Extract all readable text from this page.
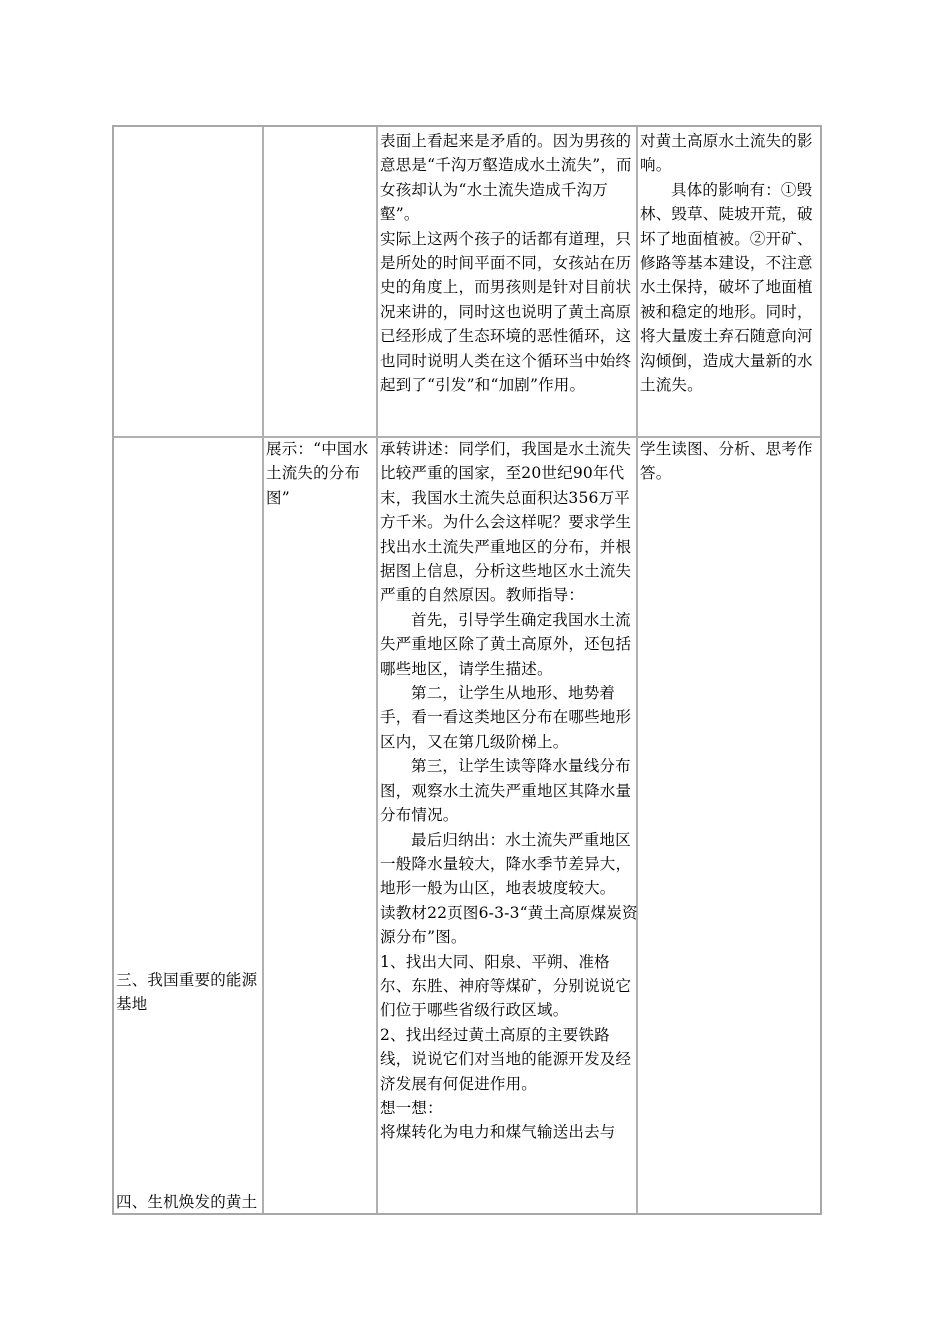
表面上看起来是矛盾的。因为男孩的意思是“千沟万壑造成水土流失”，而女孩却认为“水土流失造成千沟万壑”。

实际上这两个孩子的话都有道理，只是所处的时间平面不同，女孩站在历史的角度上，而男孩则是针对目前状况来讲的，同时这也说明了黄土高原已经形成了生态环境的恶性循环，这也同时说明人类在这个循环当中始终起到了“引发”和“加剧”作用。

对黄土高原水土流失的影响。

具体的影响有：①毁林、毁草、陡坡开荒，破坏了地面植被。②开矿、修路等基本建设，不注意水土保持，破坏了地面植被和稳定的地形。同时，将大量废土弃石随意向河沟倾倒，造成大量新的水土流失。

三、我国重要的能源基地

四、生机焕发的黄土

展示：“中国水土流失的分布图”

承转讲述：同学们，我国是水土流失比较严重的国家，至20世纪90年代末，我国水土流失总面积达356万平方千米。为什么会这样呢？要求学生找出水土流失严重地区的分布，并根据图上信息，分析这些地区水土流失严重的自然原因。教师指导：

首先，引导学生确定我国水土流失严重地区除了黄土高原外，还包括哪些地区，请学生描述。

第二，让学生从地形、地势着手，看一看这类地区分布在哪些地形区内，又在第几级阶梯上。

第三，让学生读等降水量线分布图，观察水土流失严重地区其降水量分布情况。

最后归纳出：水土流失严重地区一般降水量较大，降水季节差异大，地形一般为山区，地表坡度较大。

读教材22页图6-3-3“黄土高原煤炭资源分布”图。

1、找出大同、阳泉、平朔、准格尔、东胜、神府等煤矿，分别说说它们位于哪些省级行政区域。

2、找出经过黄土高原的主要铁路线，说说它们对当地的能源开发及经济发展有何促进作用。

想一想：

将煤转化为电力和煤气输送出去与

学生读图、分析、思考作答。
